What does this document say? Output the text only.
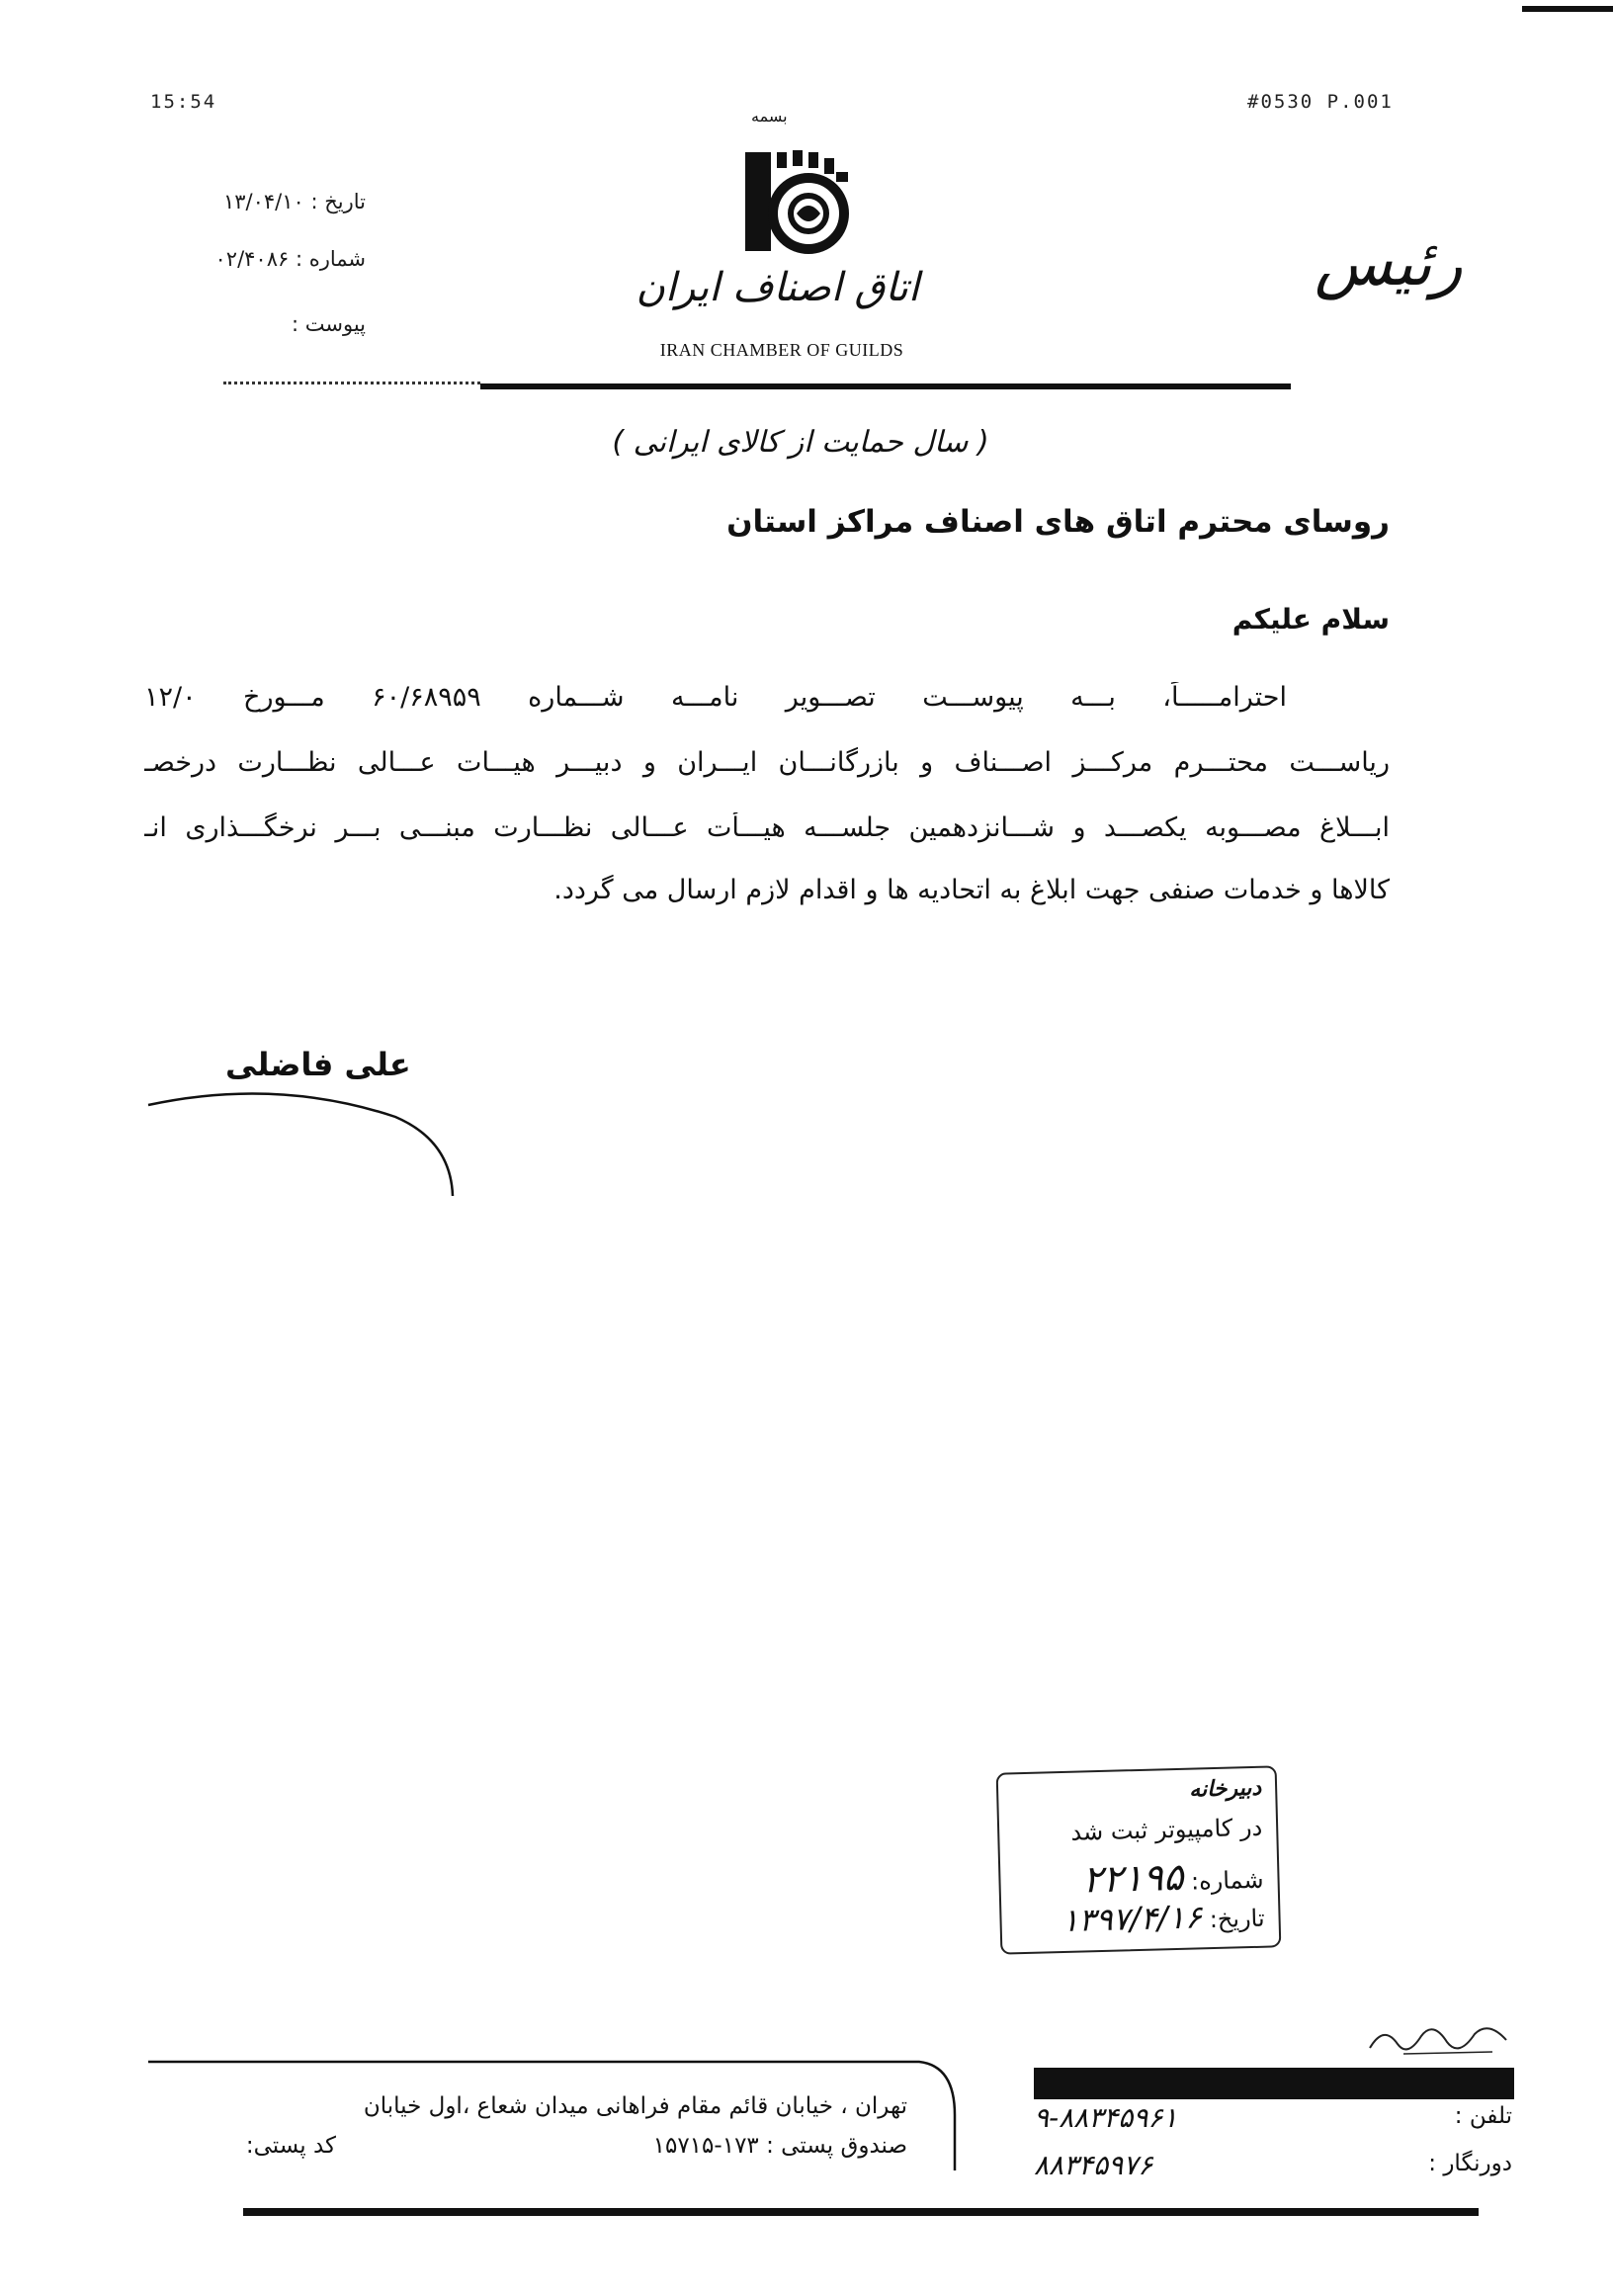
15:54	#0530 P.001
تاریخ : ۱۳/۰۴/۱۰
شماره : ۰۲/۴۰۸۶
پیوست :
بسمه
اتاق اصناف ایران
IRAN CHAMBER OF GUILDS
رئیس
( سال حمایت از کالای ایرانی )
روسای محترم اتاق های اصناف مراکز استان
سلام علیکم
احترامـــــاً، بـــه پیوســـت تصـــویر نامـــه شـــماره ۶۰/۶۸۹۵۹ مـــورخ ۱۲/۰
ریاســـت محتـــرم مرکـــز اصـــناف و بازرگانـــان ایـــران و دبیـــر هیـــات عـــالی نظـــارت درخصـ
ابـــلاغ مصـــوبه یکصـــد و شـــانزدهمین جلســـه هیـــأت عـــالی نظـــارت مبنـــی بـــر نرخگـــذاری انـ
کالاها و خدمات صنفی جهت ابلاغ به اتحادیه ها و اقدام لازم ارسال می گردد.
علی فاضلی
دبیرخانه
در کامپیوتر ثبت شد
شماره: ۲۲۱۹۵
تاریخ: ۱۳۹۷/۴/۱۶
تهران ، خیابان قائم مقام فراهانی میدان شعاع ،اول خیابان
صندوق پستی : ۱۷۳-۱۵۷۱۵
کد پستی:
۹-۸۸۳۴۵۹۶۱	تلفن :
۸۸۳۴۵۹۷۶	دورنگار :
